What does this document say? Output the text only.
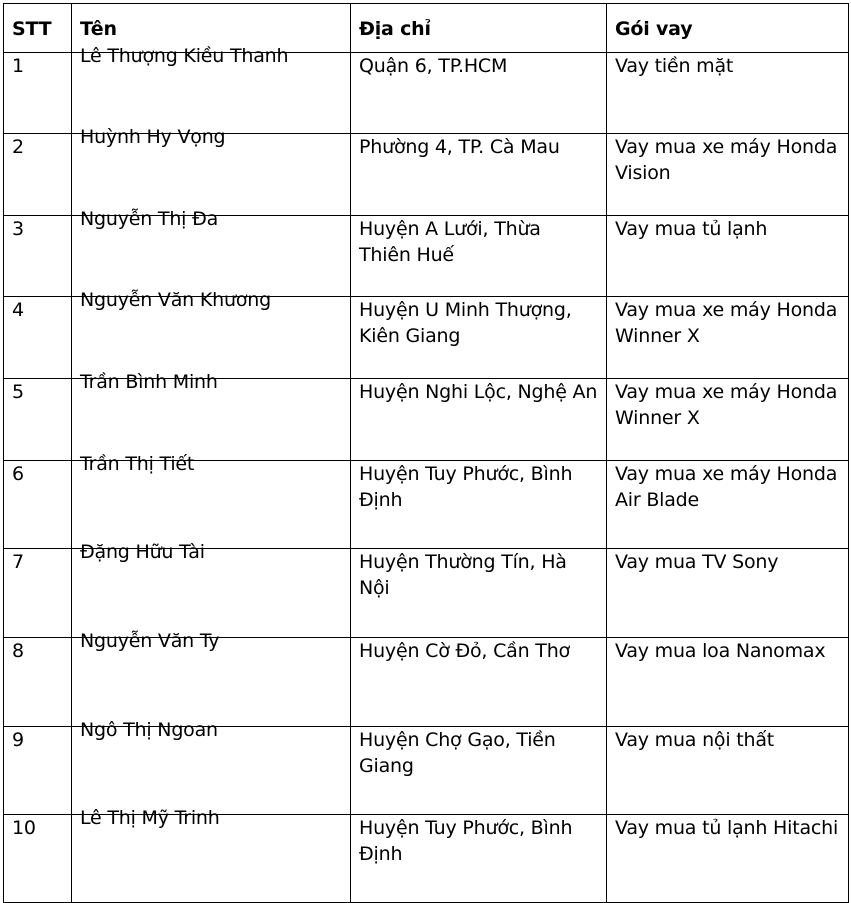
STT	Tên	Địa chỉ	Gói vay
1	Lê Thượng Kiều Thanh	Quận 6, TP.HCM	Vay tiền mặt
2	Huỳnh Hy Vọng	Phường 4, TP. Cà Mau	Vay mua xe máy Honda Vision
3	Nguyễn Thị Đa	Huyện A Lưới, Thừa Thiên Huế	Vay mua tủ lạnh
4	Nguyễn Văn Khương	Huyện U Minh Thượng, Kiên Giang	Vay mua xe máy Honda Winner X
5	Trần Bình Minh	Huyện Nghi Lộc, Nghệ An	Vay mua xe máy Honda Winner X
6	Trần Thị Tiết	Huyện Tuy Phước, Bình Định	Vay mua xe máy Honda Air Blade
7	Đặng Hữu Tài	Huyện Thường Tín, Hà Nội	Vay mua TV Sony
8	Nguyễn Văn Ty	Huyện Cờ Đỏ, Cần Thơ	Vay mua loa Nanomax
9	Ngô Thị Ngoan	Huyện Chợ Gạo, Tiền Giang	Vay mua nội thất
10	Lê Thị Mỹ Trinh	Huyện Tuy Phước, Bình Định	Vay mua tủ lạnh Hitachi
